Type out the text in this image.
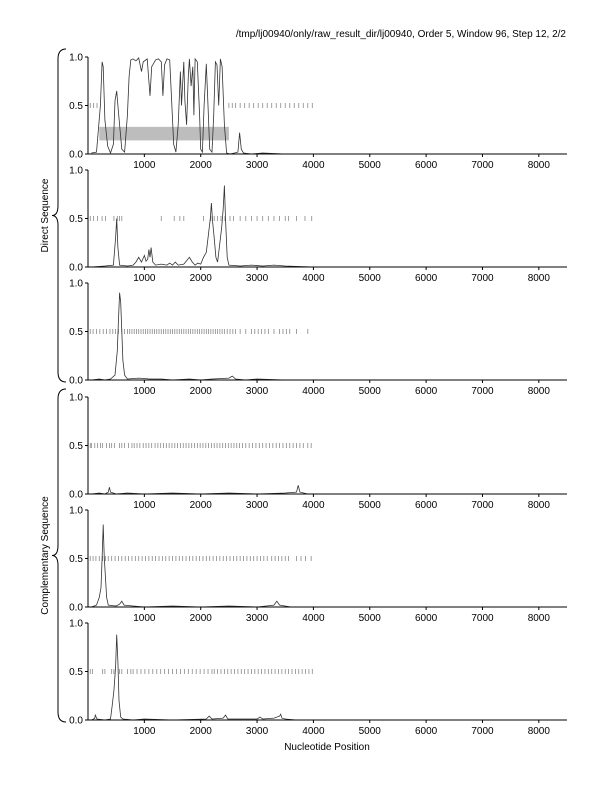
/tmp/lj00940/only/raw_result_dir/lj00940, Order 5, Window 96, Step 12, 2/2
Nucleotide Position
0.0
0.5
1.0
1000	2000	3000	4000	5000	6000	7000	8000
0.0
0.5
1.0
1000	2000	3000	4000	5000	6000	7000	8000
0.0
0.5
1.0
1000	2000	3000	4000	5000	6000	7000	8000
0.0
0.5
1.0
1000	2000	3000	4000	5000	6000	7000	8000
0.0
0.5
1.0
1000	2000	3000	4000	5000	6000	7000	8000
0.0
0.5
1.0
1000	2000	3000	4000	5000	6000	7000	8000
Direct Sequence
Complementary Sequence
